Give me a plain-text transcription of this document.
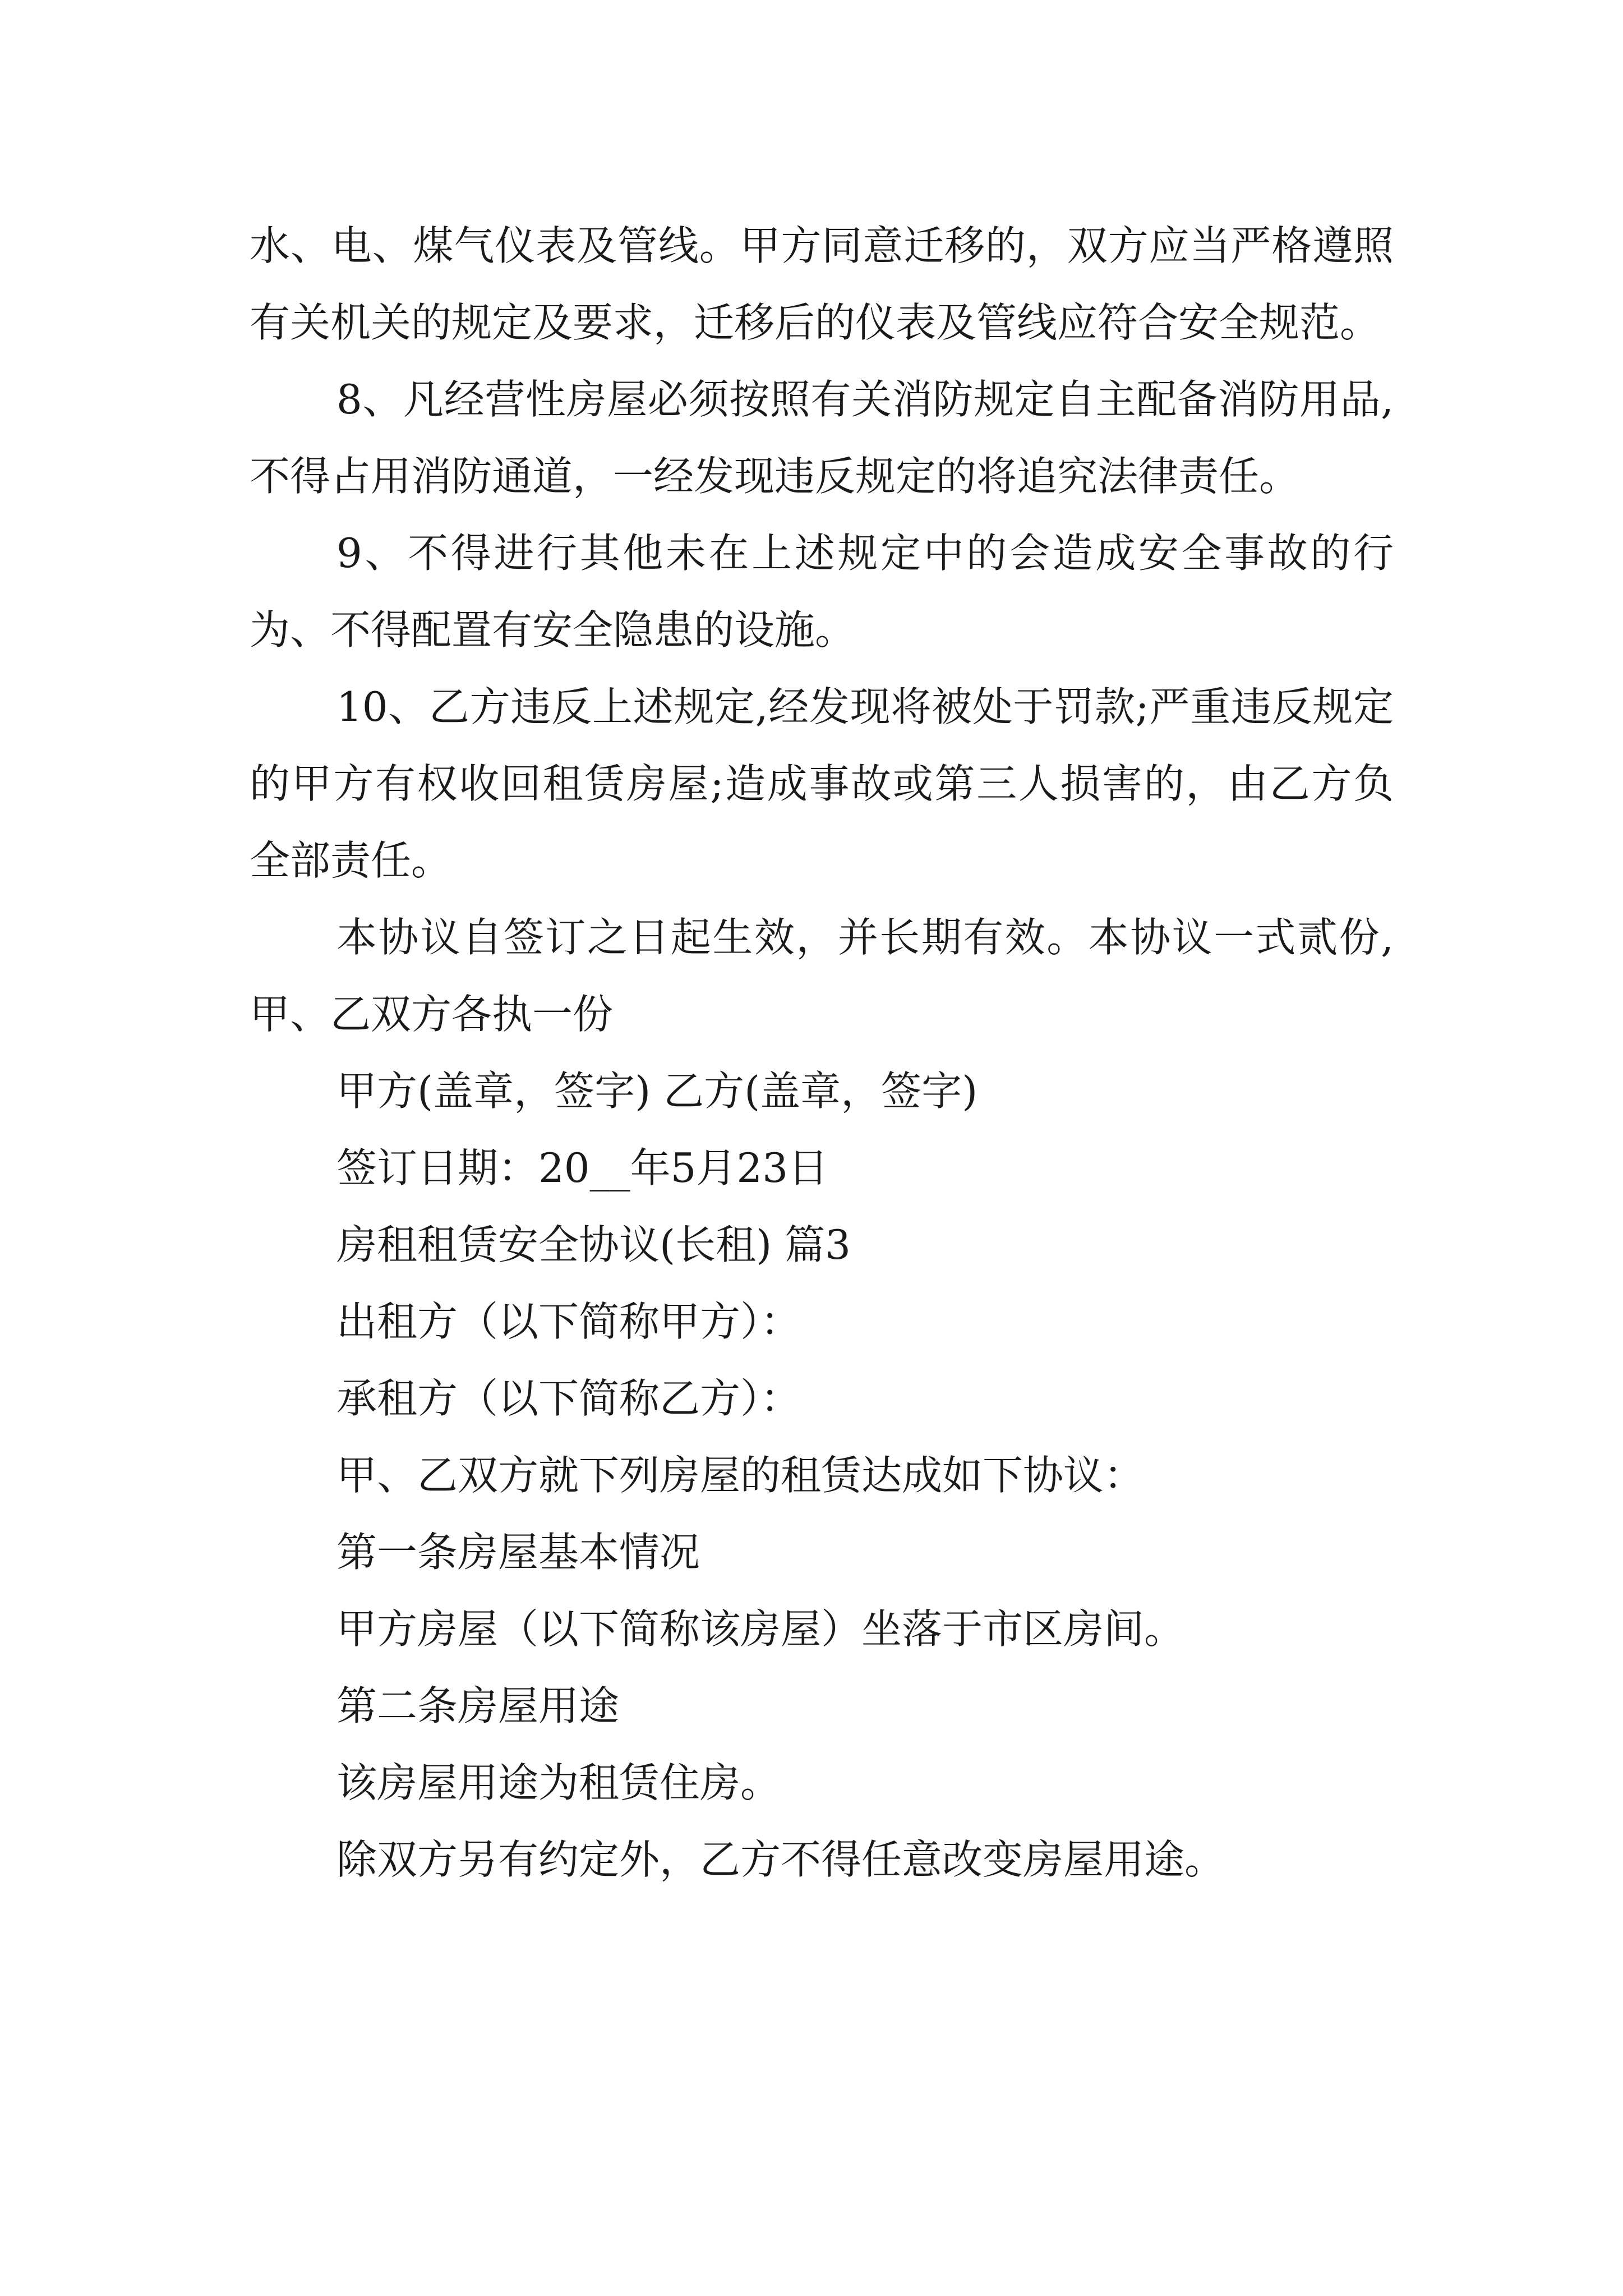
水、电、煤气仪表及管线。甲方同意迁移的，双方应当严格遵照有关机关的规定及要求，迁移后的仪表及管线应符合安全规范。

8、凡经营性房屋必须按照有关消防规定自主配备消防用品,不得占用消防通道，一经发现违反规定的将追究法律责任。

9、不得进行其他未在上述规定中的会造成安全事故的行为、不得配置有安全隐患的设施。

10、乙方违反上述规定,经发现将被处于罚款;严重违反规定的甲方有权收回租赁房屋;造成事故或第三人损害的，由乙方负全部责任。

本协议自签订之日起生效，并长期有效。本协议一式贰份,甲、乙双方各执一份

甲方(盖章，签字) 乙方(盖章，签字)

签订日期：20__年5月23日

房租租赁安全协议(长租) 篇3

出租方（以下简称甲方）：

承租方（以下简称乙方）：

甲、乙双方就下列房屋的租赁达成如下协议：

第一条房屋基本情况

甲方房屋（以下简称该房屋）坐落于市区房间。

第二条房屋用途

该房屋用途为租赁住房。

除双方另有约定外，乙方不得任意改变房屋用途。
